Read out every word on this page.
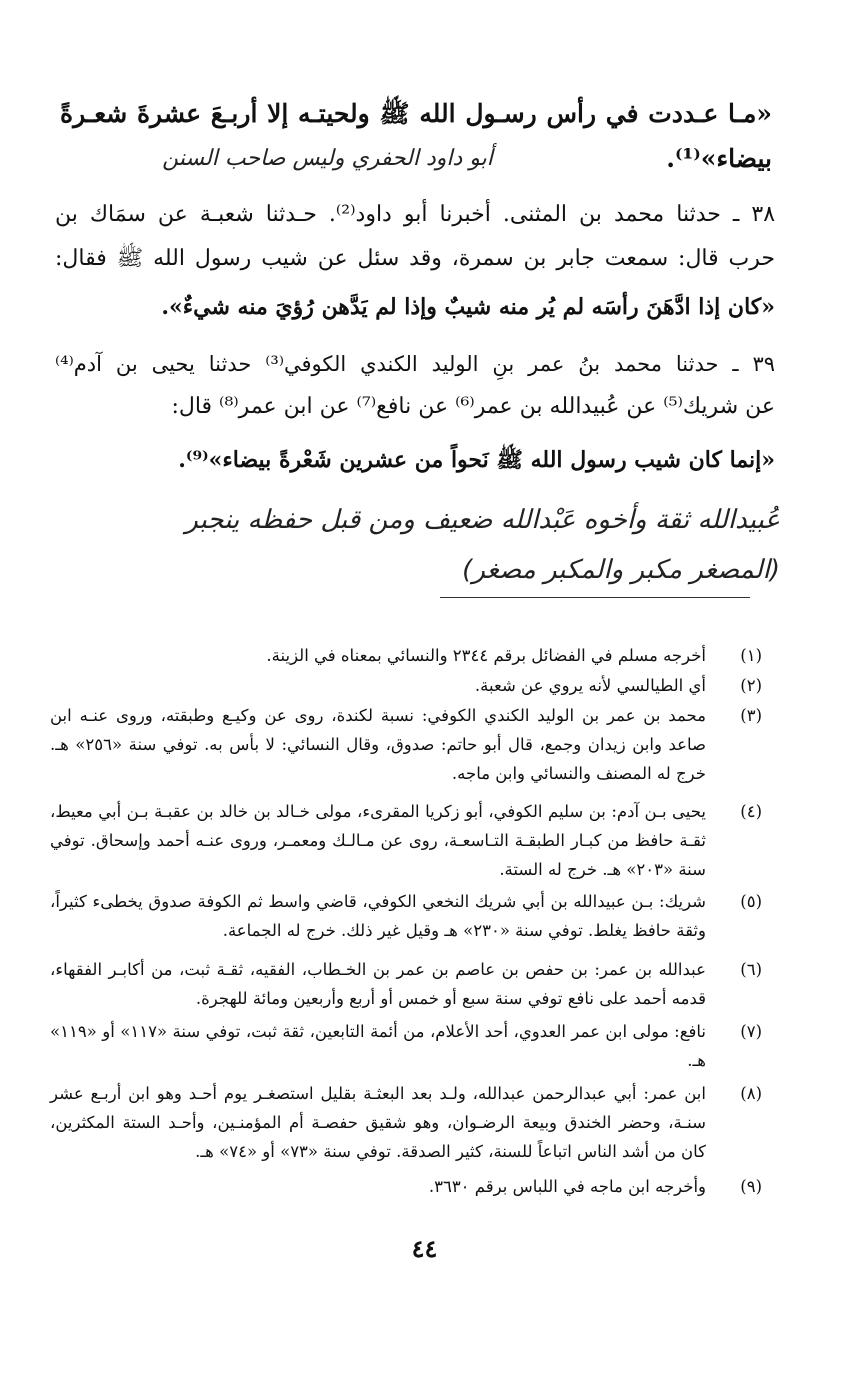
«مـا عـددت في رأس رسـول الله ﷺ ولحيتـه إلا أربـعَ عشرةَ شعـرةً
بيضاء»⁽¹⁾.
أبو داود الحفري وليس صاحب السنن
٣٨ ـ حدثنا محمد بن المثنى. أخبرنا أبو داود⁽²⁾. حـدثنا شعبـة عن سمَاك بن
حرب قال: سمعت جابر بن سمرة، وقد سئل عن شيب رسول الله ﷺ فقال:
«كان إذا ادَّهَنَ رأسَه لم يُر منه شيبٌ وإذا لم يَدَّهن رُؤيَ منه شيءٌ».
٣٩ ـ حدثنا محمد بنُ عمر بنِ الوليد الكندي الكوفي⁽³⁾ حدثنا يحيى بن آدم⁽⁴⁾
عن شريك⁽⁵⁾ عن عُبيدالله بن عمر⁽⁶⁾ عن نافع⁽⁷⁾ عن ابن عمر⁽⁸⁾ قال:
«إنما كان شيب رسول الله ﷺ نَحواً من عشرين شَعْرةً بيضاء»⁽⁹⁾.
عُبيدالله ثقة وأخوه عَبْدالله ضعيف ومن قبل حفظه ينجبر
(المصغر مكبر والمكبر مصغر)
(١)
أخرجه مسلم في الفضائل برقم ٢٣٤٤ والنسائي بمعناه في الزينة.
(٢)
أي الطيالسي لأنه يروي عن شعبة.
(٣)
محمد بن عمر بن الوليد الكندي الكوفي: نسبة لكندة، روى عن وكيـع وطبقته، وروى عنـه ابن صاعد وابن زيدان وجمع، قال أبو حاتم: صدوق، وقال النسائي: لا بأس به. توفي سنة «٢٥٦» هـ. خرج له المصنف والنسائي وابن ماجه.
(٤)
يحيى بـن آدم: بن سليم الكوفي، أبو زكريا المقرىء، مولى خـالد بن خالد بن عقبـة بـن أبي معيط، ثقـة حافظ من كبـار الطبقـة التـاسعـة، روى عن مـالـك ومعمـر، وروى عنـه أحمد وإسحاق. توفي سنة «٢٠٣» هـ. خرج له الستة.
(٥)
شريك: بـن عبيدالله بن أبي شريك النخعي الكوفي، قاضي واسط ثم الكوفة صدوق يخطىء كثيراً، وثقة حافظ يغلط. توفي سنة «٢٣٠» هـ وقيل غير ذلك. خرج له الجماعة.
(٦)
عبدالله بن عمر: بن حفص بن عاصم بن عمر بن الخـطاب، الفقيه، ثقـة ثبت، من أكابـر الفقهاء، قدمه أحمد على نافع توفي سنة سبع أو خمس أو أربع وأربعين ومائة للهجرة.
(٧)
نافع: مولى ابن عمر العدوي، أحد الأعلام، من أئمة التابعين، ثقة ثبت، توفي سنة «١١٧» أو «١١٩» هـ.
(٨)
ابن عمر: أبي عبدالرحمن عبدالله، ولـد بعد البعثـة بقليل استصغـر يوم أحـد وهو ابن أربـع عشر سنـة، وحضر الخندق وبيعة الرضـوان، وهو شقيق حفصـة أم المؤمنـين، وأحـد الستة المكثرين، كان من أشد الناس اتباعاً للسنة، كثير الصدقة. توفي سنة «٧٣» أو «٧٤» هـ.
(٩)
وأخرجه ابن ماجه في اللباس برقم ٣٦٣٠.
٤٤
